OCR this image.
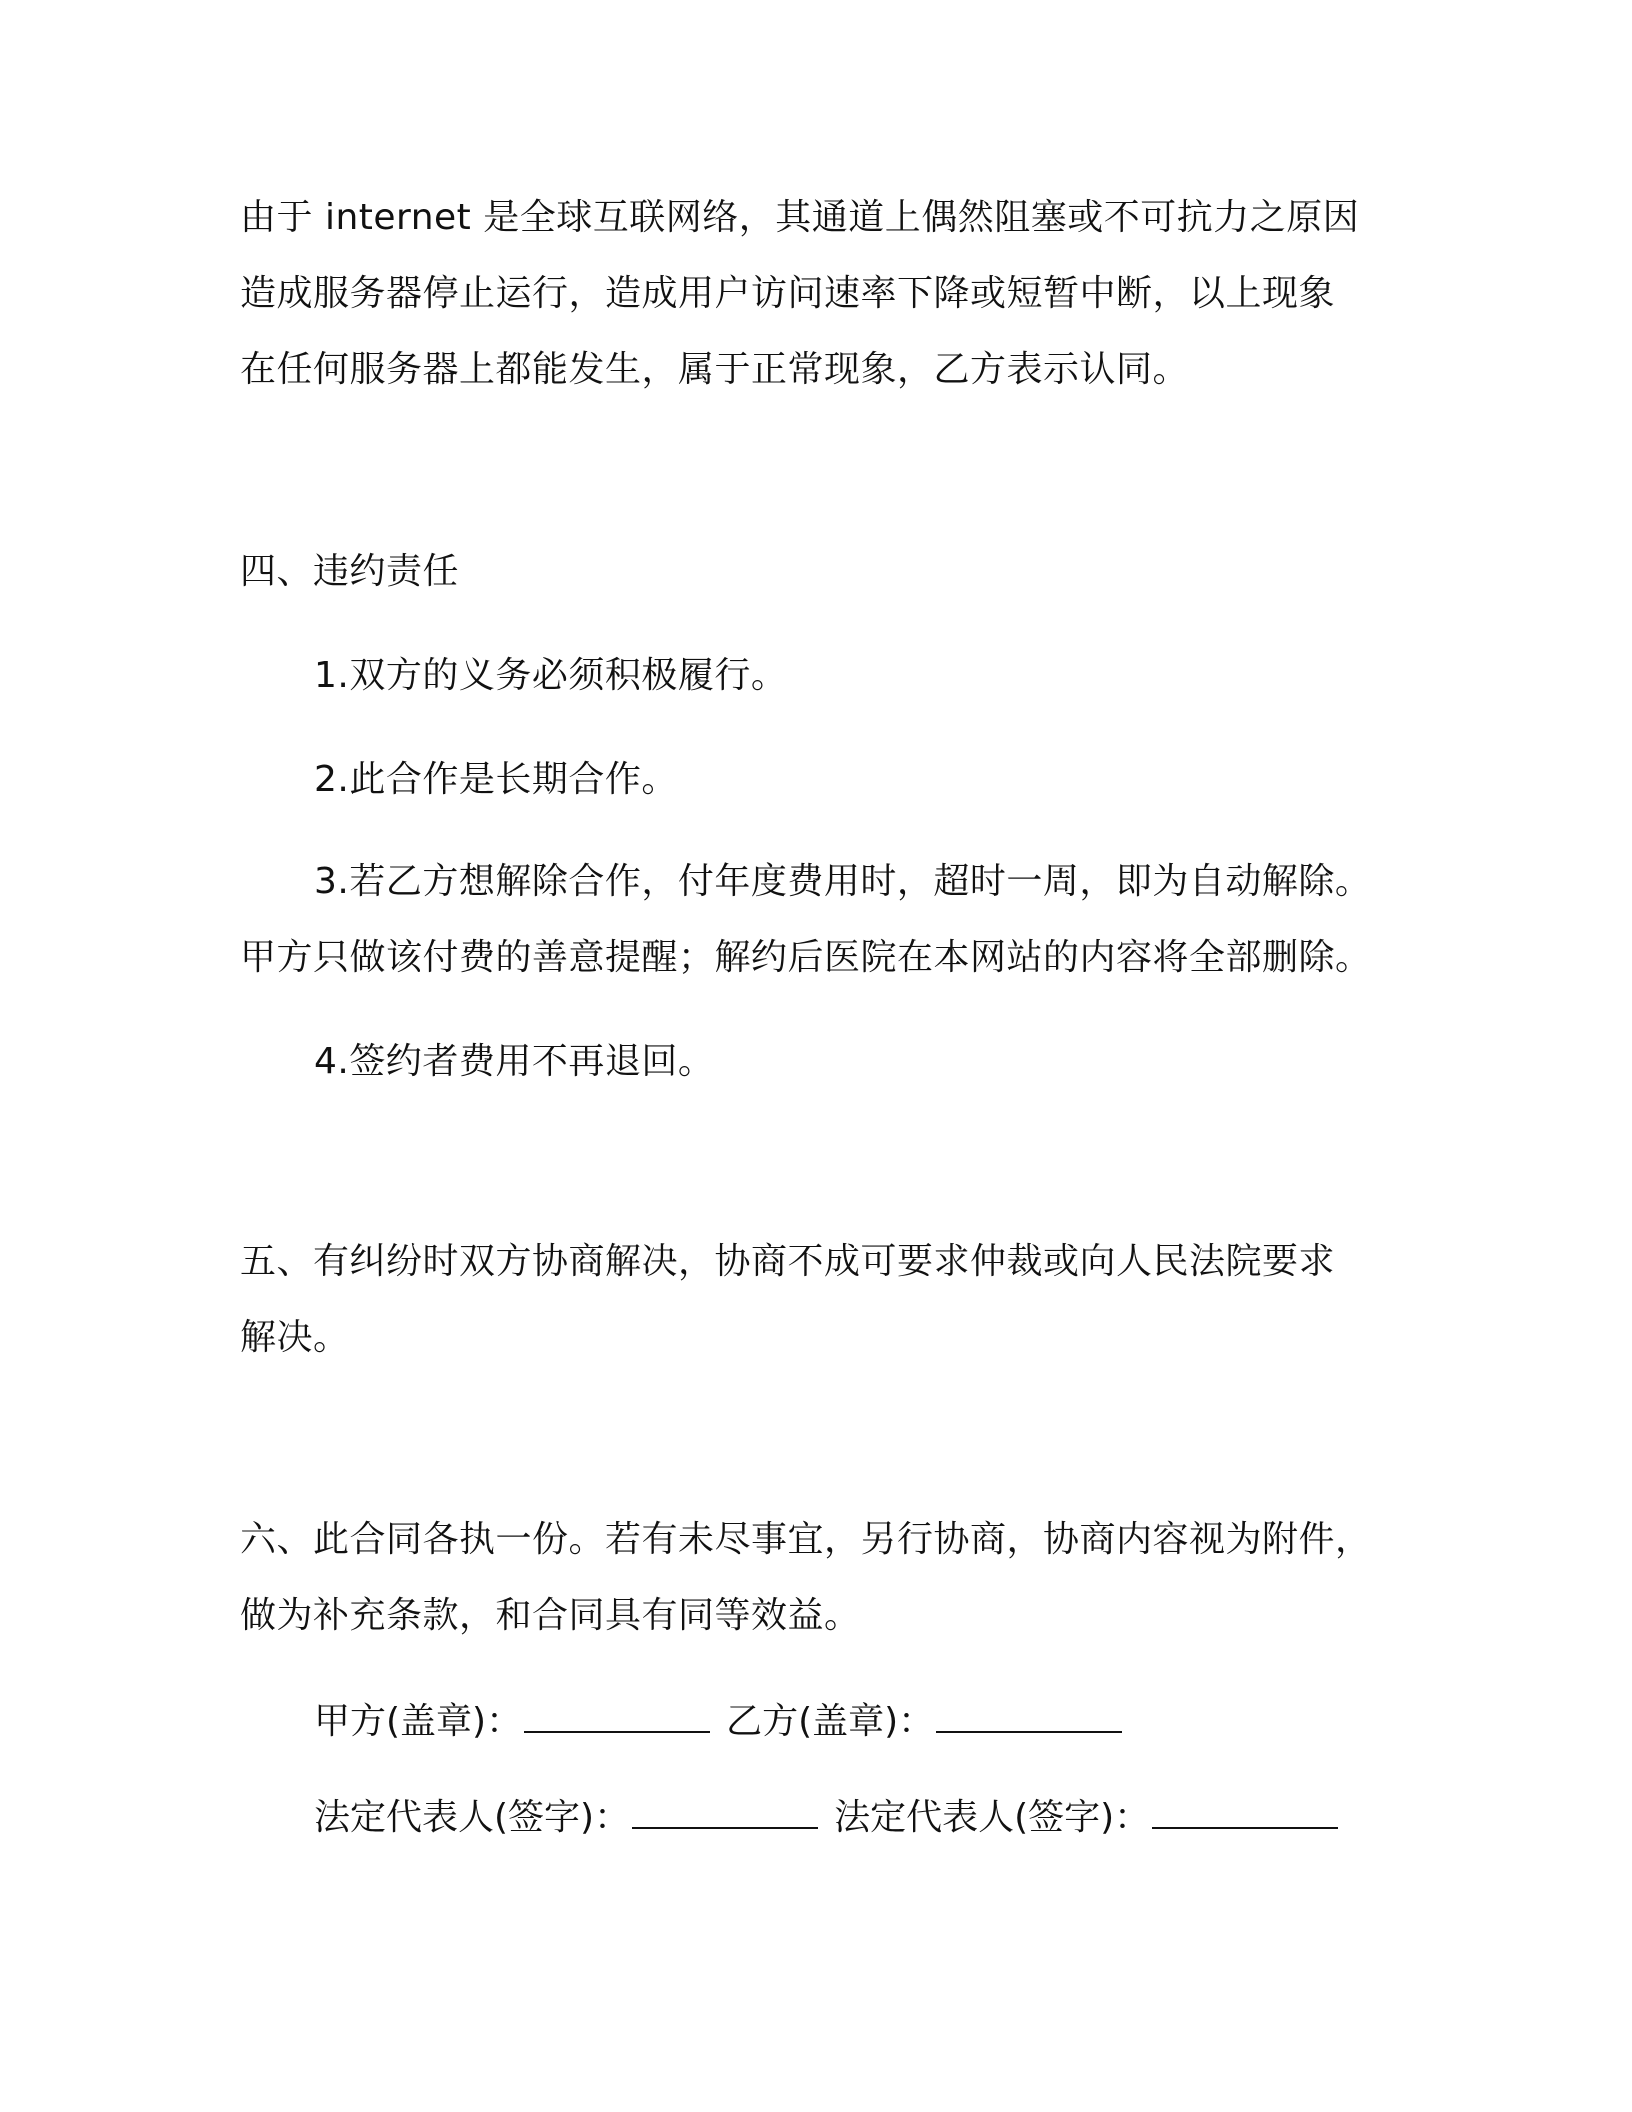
由于 internet 是全球互联网络，其通道上偶然阻塞或不可抗力之原因
造成服务器停止运行，造成用户访问速率下降或短暂中断，以上现象
在任何服务器上都能发生，属于正常现象，乙方表示认同。
四、违约责任
1.双方的义务必须积极履行。
2.此合作是长期合作。
3.若乙方想解除合作，付年度费用时，超时一周，即为自动解除。
甲方只做该付费的善意提醒；解约后医院在本网站的内容将全部删除。
4.签约者费用不再退回。
五、有纠纷时双方协商解决，协商不成可要求仲裁或向人民法院要求
解决。
六、此合同各执一份。若有未尽事宜，另行协商，协商内容视为附件，
做为补充条款，和合同具有同等效益。
甲方(盖章)：	乙方(盖章)：
法定代表人(签字)：	法定代表人(签字)：
